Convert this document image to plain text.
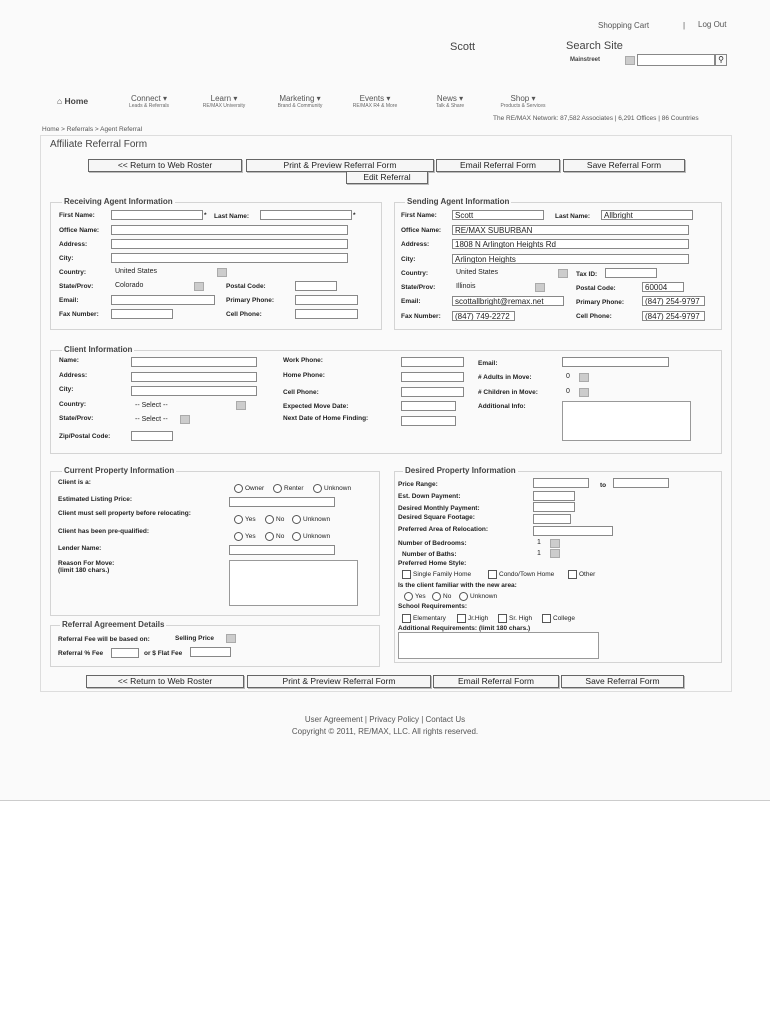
Shopping Cart	| Log Out
Scott	Search Site
Mainstreet	⚲
⌂ Home	Connect ▾
Leads & Referrals
Learn ▾
RE/MAX University
Marketing ▾
Brand & Community
Events ▾
RE/MAX R4 & More
News ▾
Talk & Share
Shop ▾
Products & Services
The RE/MAX Network: 87,582 Associates | 6,291 Offices | 86 Countries
Home > Referrals > Agent Referral
Affiliate Referral Form
<< Return to Web Roster	Print & Preview Referral Form	Email Referral Form	Save Referral Form
Edit Referral
Receiving Agent Information
First Name:	* Last Name:	*
Office Name:
Address:
City:
Country:	United States
State/Prov:	Colorado	Postal Code:
Email:	Primary Phone:
Fax Number:	Cell Phone:
Sending Agent Information
First Name:	Scott	Last Name:	Allbright
Office Name:	RE/MAX SUBURBAN
Address:	1808 N Arlington Heights Rd
City:	Arlington Heights
Country:	United States	Tax ID:
State/Prov:	Illinois	Postal Code:	60004
Email:	scottallbright@remax.net	Primary Phone:	(847) 254-9797
Fax Number:	(847) 749-2272	Cell Phone:	(847) 254-9797
Client Information
Name:
Address:
City:
Country:	-- Select --
State/Prov:	-- Select --
Zip/Postal Code:
Work Phone:
Home Phone:
Cell Phone:
Expected Move Date:
Next Date of Home Finding:
Email:
# Adults in Move:	0
# Children in Move:	0
Additional Info:
Current Property Information
Client is a:
Owner	Renter	Unknown
Estimated Listing Price:
Client must sell property before relocating:
Yes	No	Unknown
Client has been pre-qualified:
Yes	No	Unknown
Lender Name:
Reason For Move:
(limit 180 chars.)
Desired Property Information
Price Range:	to
Est. Down Payment:
Desired Monthly Payment:
Desired Square Footage:
Preferred Area of Relocation:
Number of Bedrooms:	1
Number of Baths:	1
Preferred Home Style:
Single Family Home	Condo/Town Home	Other
Is the client familiar with the new area:
Yes	No	Unknown
School Requirements:
Elementary	Jr.High	Sr. High	College
Additional Requirements: (limit 180 chars.)
Referral Agreement Details
Referral Fee will be based on:	Selling Price
Referral % Fee	or $ Flat Fee
<< Return to Web Roster	Print & Preview Referral Form	Email Referral Form	Save Referral Form
User Agreement | Privacy Policy | Contact Us
Copyright © 2011, RE/MAX, LLC. All rights reserved.
